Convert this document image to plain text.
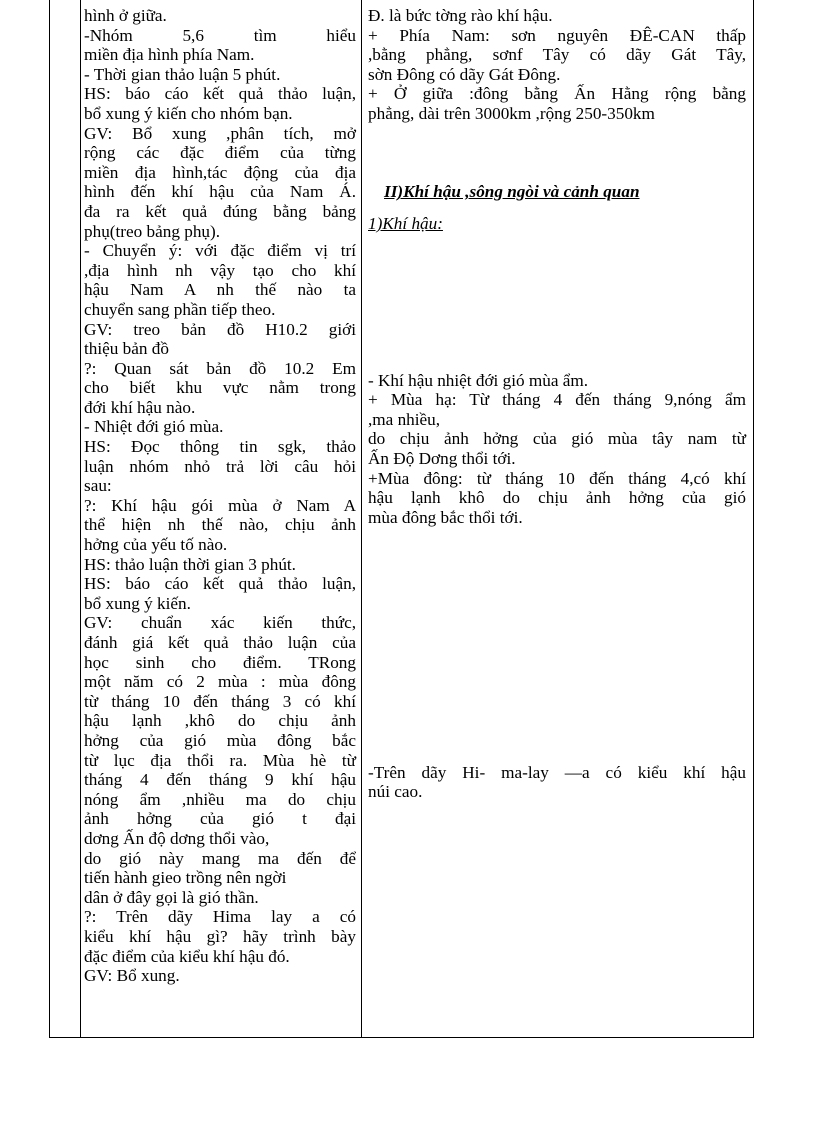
hình ở giữa.
-Nhóm 5,6 tìm hiểu
miền địa hình phía Nam.
- Thời gian thảo luận 5 phút.
HS: báo cáo kết quả thảo luận,
bổ xung ý kiến cho nhóm bạn.
GV: Bổ xung ,phân tích, mở
rộng các đặc điểm của từng
miền địa hình,tác động của địa
hình đến khí hậu của Nam Á.
đa ra kết quả đúng bằng bảng
phụ(treo bảng phụ).
- Chuyển ý: với đặc điểm vị trí
,địa hình nh vậy tạo cho khí
hậu Nam A nh thế nào ta
chuyển sang phần tiếp theo.
GV: treo bản đồ H10.2 giới
thiệu bản đồ
?: Quan sát bản đồ 10.2 Em
cho biết khu vực nằm trong
đới khí hậu nào.
- Nhiệt đới gió mùa.
HS: Đọc thông tin sgk, thảo
luận nhóm nhỏ trả lời câu hỏi
sau:
?: Khí hậu gói mùa ở Nam A
thể hiện nh thế nào, chịu ảnh
hởng của yếu tố nào.
HS: thảo luận thời gian 3 phút.
HS: báo cáo kết quả thảo luận,
bổ xung ý kiến.
GV: chuẩn xác kiến thức,
đánh giá kết quả thảo luận của
học sinh cho điểm. TRong
một năm có 2 mùa : mùa đông
từ tháng 10 đến tháng 3 có khí
hậu lạnh ,khô do chịu ảnh
hởng của gió mùa đông bắc
từ lục địa thổi ra. Mùa hè từ
tháng 4 đến tháng 9 khí hậu
nóng ẩm ,nhiều ma do chịu
ảnh hởng của gió t đại
dơng Ấn độ dơng thổi vào,
do gió này mang ma đến để
tiến hành gieo trồng nên ngời
dân ở đây gọi là gió thần.
?: Trên dãy Hima lay a có
kiểu khí hậu gì? hãy trình bày
đặc điểm của kiểu khí hậu đó.
GV: Bổ xung.
Đ. là bức tờng rào khí hậu.
+ Phía Nam: sơn nguyên ĐÊ-CAN thấp
,bằng phẳng, sơnf Tây có dãy Gát Tây,
sờn Đông có dãy Gát Đông.
+ Ở giữa :đông bằng Ấn Hằng rộng bằng
phẳng, dài trên 3000km ,rộng 250-350km
II)Khí hậu ,sông ngòi và cảnh quan
1)Khí hậu:
- Khí hậu nhiệt đới gió mùa ẩm.
+ Mùa hạ: Từ tháng 4 đến tháng 9,nóng ẩm
,ma nhiều,
do chịu ảnh hởng của gió mùa tây nam từ
Ấn Độ Dơng thổi tới.
+Mùa đông: từ tháng 10 đến tháng 4,có khí
hậu lạnh khô do chịu ảnh hởng của gió
mùa đông bắc thổi tới.
-Trên dãy Hi- ma-lay —a có kiểu khí hậu
núi cao.
